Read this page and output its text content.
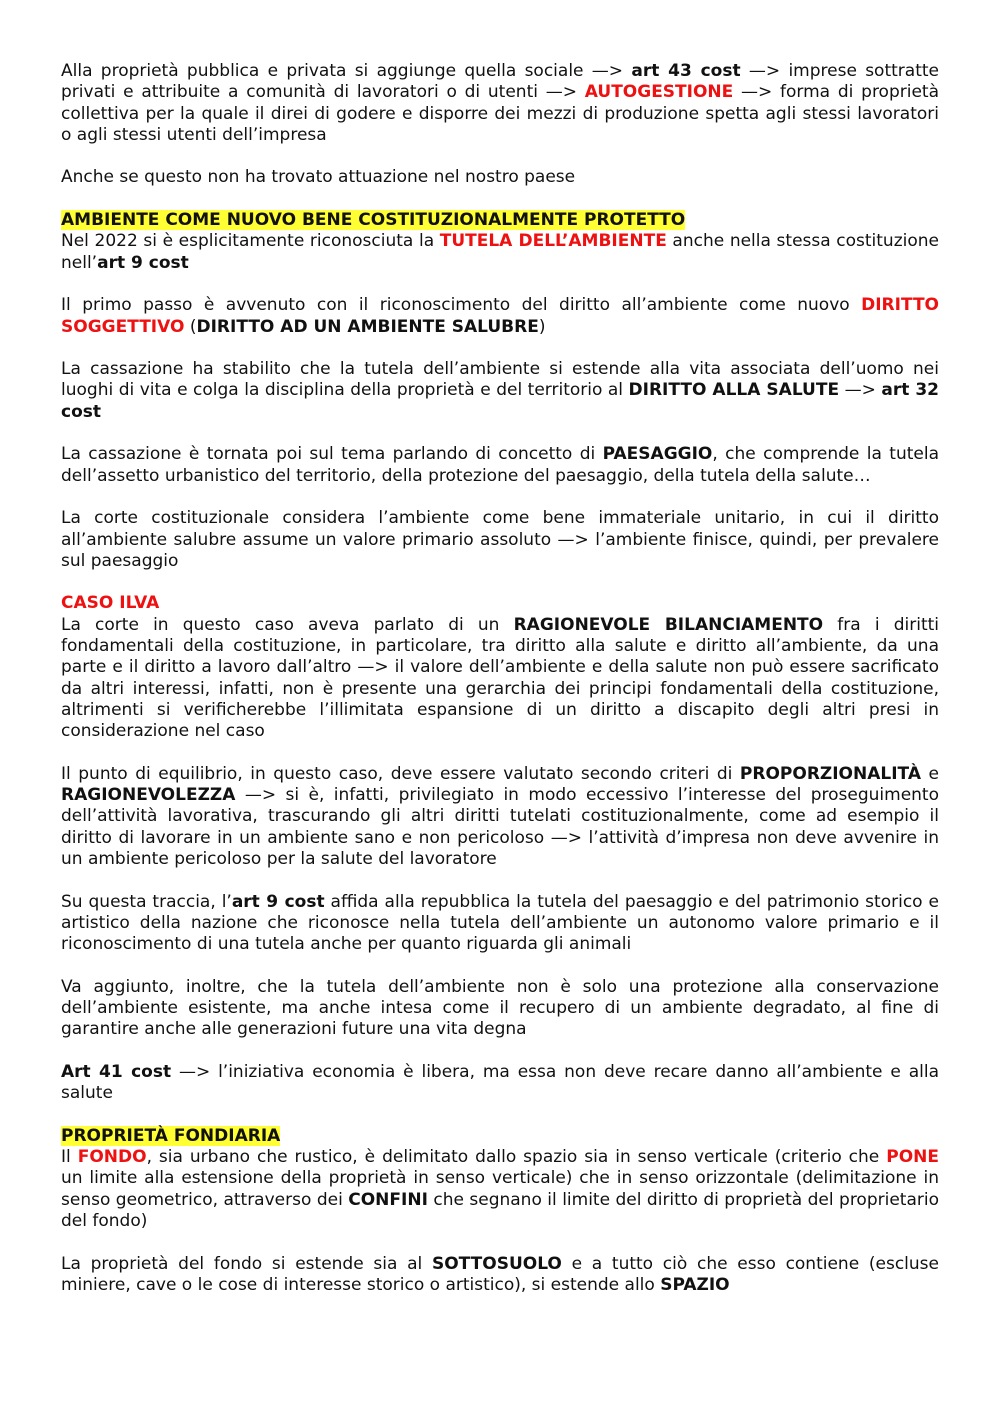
Alla proprietà pubblica e privata si aggiunge quella sociale —> art 43 cost —> imprese sottratte privati e attribuite a comunità di lavoratori o di utenti —> AUTOGESTIONE —> forma di proprietà collettiva per la quale il direi di godere e disporre dei mezzi di produzione spetta agli stessi lavoratori o agli stessi utenti dell’impresa

Anche se questo non ha trovato attuazione nel nostro paese

AMBIENTE COME NUOVO BENE COSTITUZIONALMENTE PROTETTO

Nel 2022 si è esplicitamente riconosciuta la TUTELA DELL’AMBIENTE anche nella stessa costituzione nell’art 9 cost

Il primo passo è avvenuto con il riconoscimento del diritto all’ambiente come nuovo DIRITTO SOGGETTIVO (DIRITTO AD UN AMBIENTE SALUBRE)

La cassazione ha stabilito che la tutela dell’ambiente si estende alla vita associata dell’uomo nei luoghi di vita e colga la disciplina della proprietà e del territorio al DIRITTO ALLA SALUTE —> art 32 cost

La cassazione è tornata poi sul tema parlando di concetto di PAESAGGIO, che comprende la tutela dell’assetto urbanistico del territorio, della protezione del paesaggio, della tutela della salute…

La corte costituzionale considera l’ambiente come bene immateriale unitario, in cui il diritto all’ambiente salubre assume un valore primario assoluto —> l’ambiente finisce, quindi, per prevalere sul paesaggio

CASO ILVA

La corte in questo caso aveva parlato di un RAGIONEVOLE BILANCIAMENTO fra i diritti fondamentali della costituzione, in particolare, tra diritto alla salute e diritto all’ambiente, da una parte e il diritto a lavoro dall’altro —> il valore dell’ambiente e della salute non può essere sacrificato da altri interessi, infatti, non è presente una gerarchia dei principi fondamentali della costituzione, altrimenti si verificherebbe l’illimitata espansione di un diritto a discapito degli altri presi in considerazione nel caso

Il punto di equilibrio, in questo caso, deve essere valutato secondo criteri di PROPORZIONALITÀ e RAGIONEVOLEZZA —> si è, infatti, privilegiato in modo eccessivo l’interesse del proseguimento dell’attività lavorativa, trascurando gli altri diritti tutelati costituzionalmente, come ad esempio il diritto di lavorare in un ambiente sano e non pericoloso —> l’attività d’impresa non deve avvenire in un ambiente pericoloso per la salute del lavoratore

Su questa traccia, l’art 9 cost affida alla repubblica la tutela del paesaggio e del patrimonio storico e artistico della nazione che riconosce nella tutela dell’ambiente un autonomo valore primario e il riconoscimento di una tutela anche per quanto riguarda gli animali

Va aggiunto, inoltre, che la tutela dell’ambiente non è solo una protezione alla conservazione dell’ambiente esistente, ma anche intesa come il recupero di un ambiente degradato, al fine di garantire anche alle generazioni future una vita degna

Art 41 cost —> l’iniziativa economia è libera, ma essa non deve recare danno all’ambiente e alla salute

PROPRIETÀ FONDIARIA

Il FONDO, sia urbano che rustico, è delimitato dallo spazio sia in senso verticale (criterio che PONE un limite alla estensione della proprietà in senso verticale) che in senso orizzontale (delimitazione in senso geometrico, attraverso dei CONFINI che segnano il limite del diritto di proprietà del proprietario del fondo)

La proprietà del fondo si estende sia al SOTTOSUOLO e a tutto ciò che esso contiene (escluse miniere, cave o le cose di interesse storico o artistico), si estende allo SPAZIO
